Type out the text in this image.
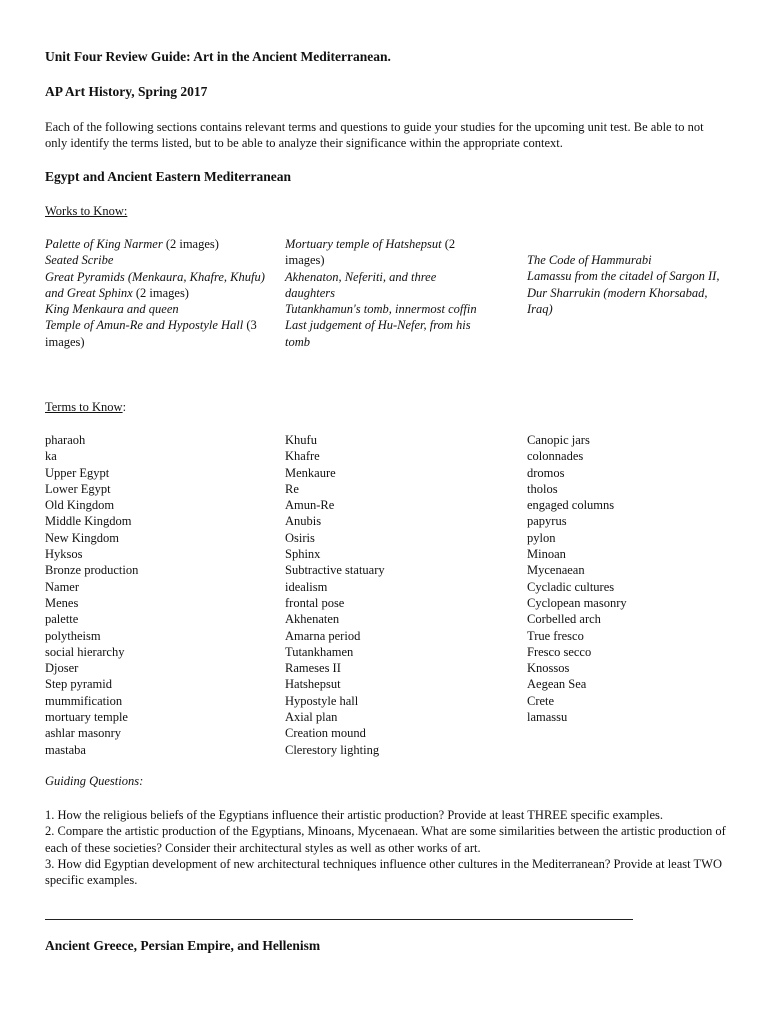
Unit Four Review Guide: Art in the Ancient Mediterranean.

AP Art History, Spring 2017

Each of the following sections contains relevant terms and questions to guide your studies for the upcoming unit test. Be able to not only identify the terms listed, but to be able to analyze their significance within the appropriate context.

Egypt and Ancient Eastern Mediterranean

Works to Know:

Palette of King Narmer (2 images)
Seated Scribe
Great Pyramids (Menkaura, Khafre, Khufu) and Great Sphinx (2 images)
King Menkaura and queen
Temple of Amun-Re and Hypostyle Hall (3 images)
Mortuary temple of Hatshepsut (2 images)
Akhenaton, Neferiti, and three daughters
Tutankhamun's tomb, innermost coffin
Last judgement of Hu-Nefer, from his tomb
The Code of Hammurabi
Lamassu from the citadel of Sargon II, Dur Sharrukin (modern Khorsabad, Iraq)

Terms to Know:

pharaoh
ka
Upper Egypt
Lower Egypt
Old Kingdom
Middle Kingdom
New Kingdom
Hyksos
Bronze production
Namer
Menes
palette
polytheism
social hierarchy
Djoser
Step pyramid
mummification
mortuary temple
ashlar masonry
mastaba
Khufu
Khafre
Menkaure
Re
Amun-Re
Anubis
Osiris
Sphinx
Subtractive statuary
idealism
frontal pose
Akhenaten
Amarna period
Tutankhamen
Rameses II
Hatshepsut
Hypostyle hall
Axial plan
Creation mound
Clerestory lighting
Canopic jars
colonnades
dromos
tholos
engaged columns
papyrus
pylon
Minoan
Mycenaean
Cycladic cultures
Cyclopean masonry
Corbelled arch
True fresco
Fresco secco
Knossos
Aegean Sea
Crete
lamassu

Guiding Questions:

1. How the religious beliefs of the Egyptians influence their artistic production? Provide at least THREE specific examples.

2. Compare the artistic production of the Egyptians, Minoans, Mycenaean. What are some similarities between the artistic production of each of these societies? Consider their architectural styles as well as other works of art.

3. How did Egyptian development of new architectural techniques influence other cultures in the Mediterranean? Provide at least TWO specific examples.

Ancient Greece, Persian Empire, and Hellenism
